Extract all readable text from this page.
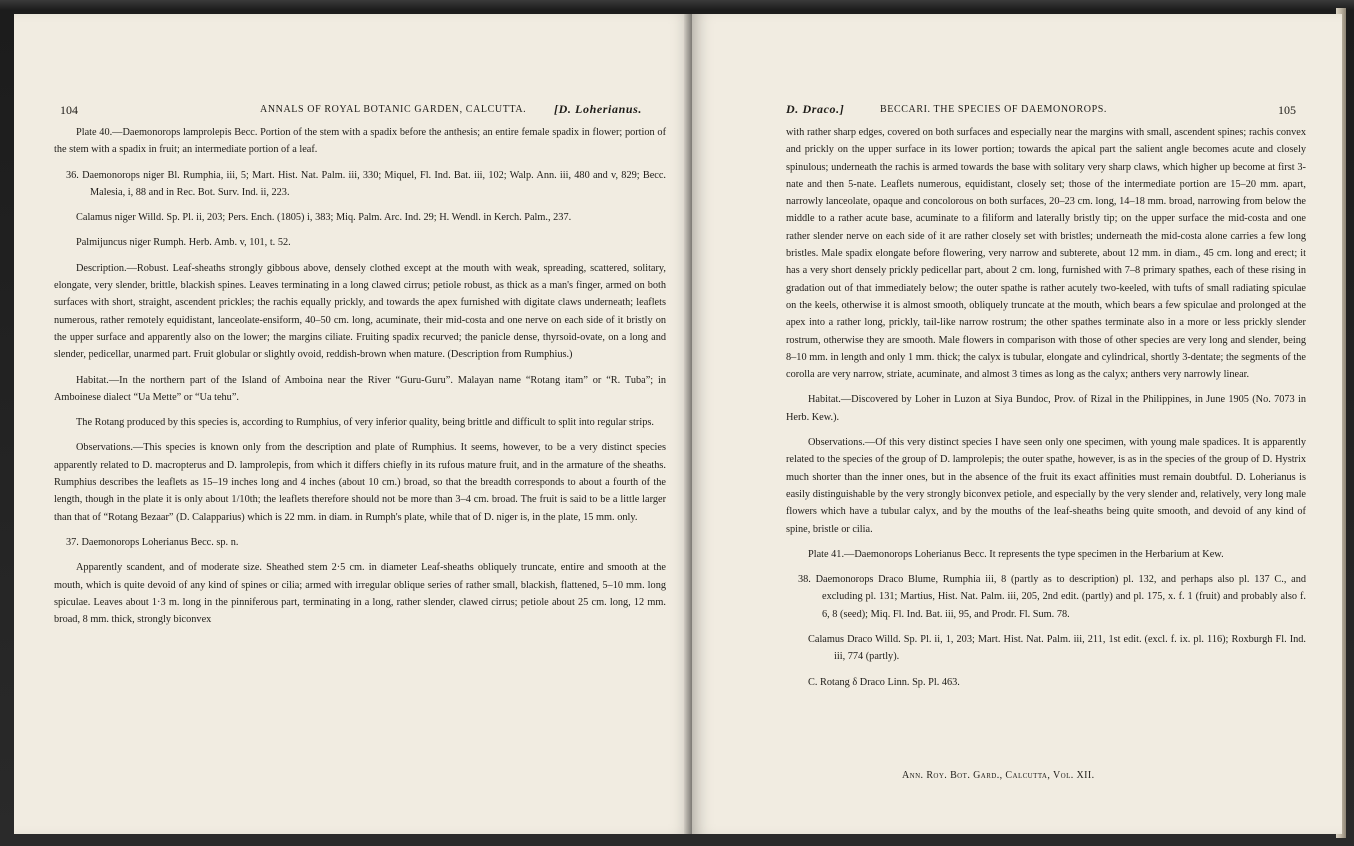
104	ANNALS OF ROYAL BOTANIC GARDEN, CALCUTTA. [D. Loherianus.

Plate 40.—Daemonorops lamprolepis Becc. Portion of the stem with a spadix before the anthesis; an entire female spadix in flower; portion of the stem with a spadix in fruit; an intermediate portion of a leaf.

36. Daemonorops niger Bl. Rumphia, iii, 5; Mart. Hist. Nat. Palm. iii, 330; Miquel, Fl. Ind. Bat. iii, 102; Walp. Ann. iii, 480 and v, 829; Becc. Malesia, i, 88 and in Rec. Bot. Surv. Ind. ii, 223.

Calamus niger Willd. Sp. Pl. ii, 203; Pers. Ench. (1805) i, 383; Miq. Palm. Arc. Ind. 29; H. Wendl. in Kerch. Palm., 237.

Palmijuncus niger Rumph. Herb. Amb. v, 101, t. 52.

Description.—Robust. Leaf-sheaths strongly gibbous above, densely clothed except at the mouth with weak, spreading, scattered, solitary, elongate, very slender, brittle, blackish spines. Leaves terminating in a long clawed cirrus; petiole robust, as thick as a man's finger, armed on both surfaces with short, straight, ascendent prickles; the rachis equally prickly, and towards the apex furnished with digitate claws underneath; leaflets numerous, rather remotely equidistant, lanceolate-ensiform, 40–50 cm. long, acuminate, their mid-costa and one nerve on each side of it bristly on the upper surface and apparently also on the lower; the margins ciliate. Fruiting spadix recurved; the panicle dense, thyrsoid-ovate, on a long and slender, pedicellar, unarmed part. Fruit globular or slightly ovoid, reddish-brown when mature. (Description from Rumphius.)

Habitat.—In the northern part of the Island of Amboina near the River “Guru-Guru”. Malayan name “Rotang itam” or “R. Tuba”; in Amboinese dialect “Ua Mette” or “Ua tehu”.

The Rotang produced by this species is, according to Rumphius, of very inferior quality, being brittle and difficult to split into regular strips.

Observations.—This species is known only from the description and plate of Rumphius. It seems, however, to be a very distinct species apparently related to D. macropterus and D. lamprolepis, from which it differs chiefly in its rufous mature fruit, and in the armature of the sheaths. Rumphius describes the leaflets as 15–19 inches long and 4 inches (about 10 cm.) broad, so that the breadth corresponds to about a fourth of the length, though in the plate it is only about 1/10th; the leaflets therefore should not be more than 3–4 cm. broad. The fruit is said to be a little larger than that of “Rotang Bezaar” (D. Calapparius) which is 22 mm. in diam. in Rumph's plate, while that of D. niger is, in the plate, 15 mm. only.

37. Daemonorops Loherianus Becc. sp. n.

Apparently scandent, and of moderate size. Sheathed stem 2·5 cm. in diameter Leaf-sheaths obliquely truncate, entire and smooth at the mouth, which is quite devoid of any kind of spines or cilia; armed with irregular oblique series of rather small, blackish, flattened, 5–10 mm. long spiculae. Leaves about 1·3 m. long in the pinniferous part, terminating in a long, rather slender, clawed cirrus; petiole about 25 cm. long, 12 mm. broad, 8 mm. thick, strongly biconvex

D. Draco.]	BECCARI. THE SPECIES OF DAEMONOROPS.	105

with rather sharp edges, covered on both surfaces and especially near the margins with small, ascendent spines; rachis convex and prickly on the upper surface in its lower portion; towards the apical part the salient angle becomes acute and closely spinulous; underneath the rachis is armed towards the base with solitary very sharp claws, which higher up become at first 3-nate and then 5-nate. Leaflets numerous, equidistant, closely set; those of the intermediate portion are 15–20 mm. apart, narrowly lanceolate, opaque and concolorous on both surfaces, 20–23 cm. long, 14–18 mm. broad, narrowing from below the middle to a rather acute base, acuminate to a filiform and laterally bristly tip; on the upper surface the mid-costa and one rather slender nerve on each side of it are rather closely set with bristles; underneath the mid-costa alone carries a few long bristles. Male spadix elongate before flowering, very narrow and subterete, about 12 mm. in diam., 45 cm. long and erect; it has a very short densely prickly pedicellar part, about 2 cm. long, furnished with 7–8 primary spathes, each of these rising in gradation out of that immediately below; the outer spathe is rather acutely two-keeled, with tufts of small radiating spiculae on the keels, otherwise it is almost smooth, obliquely truncate at the mouth, which bears a few spiculae and prolonged at the apex into a rather long, prickly, tail-like narrow rostrum; the other spathes terminate also in a more or less prickly slender rostrum, otherwise they are smooth. Male flowers in comparison with those of other species are very long and slender, being 8–10 mm. in length and only 1 mm. thick; the calyx is tubular, elongate and cylindrical, shortly 3-dentate; the segments of the corolla are very narrow, striate, acuminate, and almost 3 times as long as the calyx; anthers very narrowly linear.

Habitat.—Discovered by Loher in Luzon at Siya Bundoc, Prov. of Rizal in the Philippines, in June 1905 (No. 7073 in Herb. Kew.).

Observations.—Of this very distinct species I have seen only one specimen, with young male spadices. It is apparently related to the species of the group of D. lamprolepis; the outer spathe, however, is as in the species of the group of D. Hystrix much shorter than the inner ones, but in the absence of the fruit its exact affinities must remain doubtful. D. Loherianus is easily distinguishable by the very strongly biconvex petiole, and especially by the very slender and, relatively, very long male flowers which have a tubular calyx, and by the mouths of the leaf-sheaths being quite smooth, and devoid of any kind of spine, bristle or cilia.

Plate 41.—Daemonorops Loherianus Becc. It represents the type specimen in the Herbarium at Kew.

38. Daemonorops Draco Blume, Rumphia iii, 8 (partly as to description) pl. 132, and perhaps also pl. 137 C., and excluding pl. 131; Martius, Hist. Nat. Palm. iii, 205, 2nd edit. (partly) and pl. 175, x. f. 1 (fruit) and probably also f. 6, 8 (seed); Miq. Fl. Ind. Bat. iii, 95, and Prodr. Fl. Sum. 78.

Calamus Draco Willd. Sp. Pl. ii, 1, 203; Mart. Hist. Nat. Palm. iii, 211, 1st edit. (excl. f. ix. pl. 116); Roxburgh Fl. Ind. iii, 774 (partly).

C. Rotang δ Draco Linn. Sp. Pl. 463.

Ann. Roy. Bot. Gard., Calcutta, Vol. XII.
